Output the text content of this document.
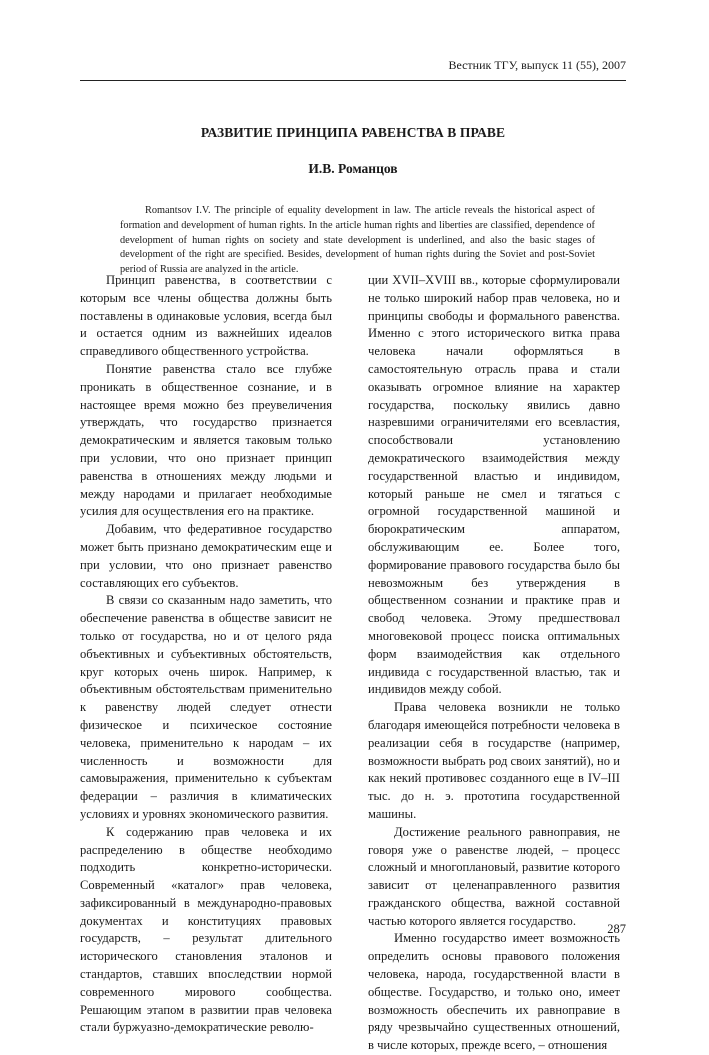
Вестник ТГУ, выпуск 11 (55), 2007
РАЗВИТИЕ ПРИНЦИПА РАВЕНСТВА В ПРАВЕ
И.В. Романцов

Romantsov I.V. The principle of equality development in law. The article reveals the historical aspect of formation and development of human rights. In the article human rights and liberties are classified, dependence of development of human rights on society and state development is underlined, and also the basic stages of development of the right are specified. Besides, development of human rights during the Soviet and post-Soviet period of Russia are analyzed in the article.

Принцип равенства, в соответствии с которым все члены общества должны быть поставлены в одинаковые условия, всегда был и остается одним из важнейших идеалов справедливого общественного устройства.

Понятие равенства стало все глубже проникать в общественное сознание, и в настоящее время можно без преувеличения утверждать, что государство признается демократическим и является таковым только при условии, что оно признает принцип равенства в отношениях между людьми и между народами и прилагает необходимые усилия для осуществления его на практике.

Добавим, что федеративное государство может быть признано демократическим еще и при условии, что оно признает равенство составляющих его субъектов.

В связи со сказанным надо заметить, что обеспечение равенства в обществе зависит не только от государства, но и от целого ряда объективных и субъективных обстоятельств, круг которых очень широк. Например, к объективным обстоятельствам применительно к равенству людей следует отнести физическое и психическое состояние человека, применительно к народам – их численность и возможности для самовыражения, применительно к субъектам федерации – различия в климатических условиях и уровнях экономического развития.

К содержанию прав человека и их распределению в обществе необходимо подходить конкретно-исторически. Современный «каталог» прав человека, зафиксированный в международно-правовых документах и конституциях правовых государств, – результат длительного исторического становления эталонов и стандартов, ставших впоследствии нормой современного мирового сообщества. Решающим этапом в развитии прав человека стали буржуазно-демократические револю-

ции XVII–XVIII вв., которые сформулировали не только широкий набор прав человека, но и принципы свободы и формального равенства. Именно с этого исторического витка права человека начали оформляться в самостоятельную отрасль права и стали оказывать огромное влияние на характер государства, поскольку явились давно назревшими ограничителями его всевластия, способствовали установлению демократического взаимодействия между государственной властью и индивидом, который раньше не смел и тягаться с огромной государственной машиной и бюрократическим аппаратом, обслуживающим ее. Более того, формирование правового государства было бы невозможным без утверждения в общественном сознании и практике прав и свобод человека. Этому предшествовал многовековой процесс поиска оптимальных форм взаимодействия как отдельного индивида с государственной властью, так и индивидов между собой.

Права человека возникли не только благодаря имеющейся потребности человека в реализации себя в государстве (например, возможности выбрать род своих занятий), но и как некий противовес созданного еще в IV–III тыс. до н. э. прототипа государственной машины.

Достижение реального равноправия, не говоря уже о равенстве людей, – процесс сложный и многоплановый, развитие которого зависит от целенаправленного развития гражданского общества, важной составной частью которого является государство.

Именно государство имеет возможность определить основы правового положения человека, народа, государственной власти в обществе. Государство, и только оно, имеет возможность обеспечить их равноправие в ряду чрезвычайно существенных отношений, в числе которых, прежде всего, – отношения

287
